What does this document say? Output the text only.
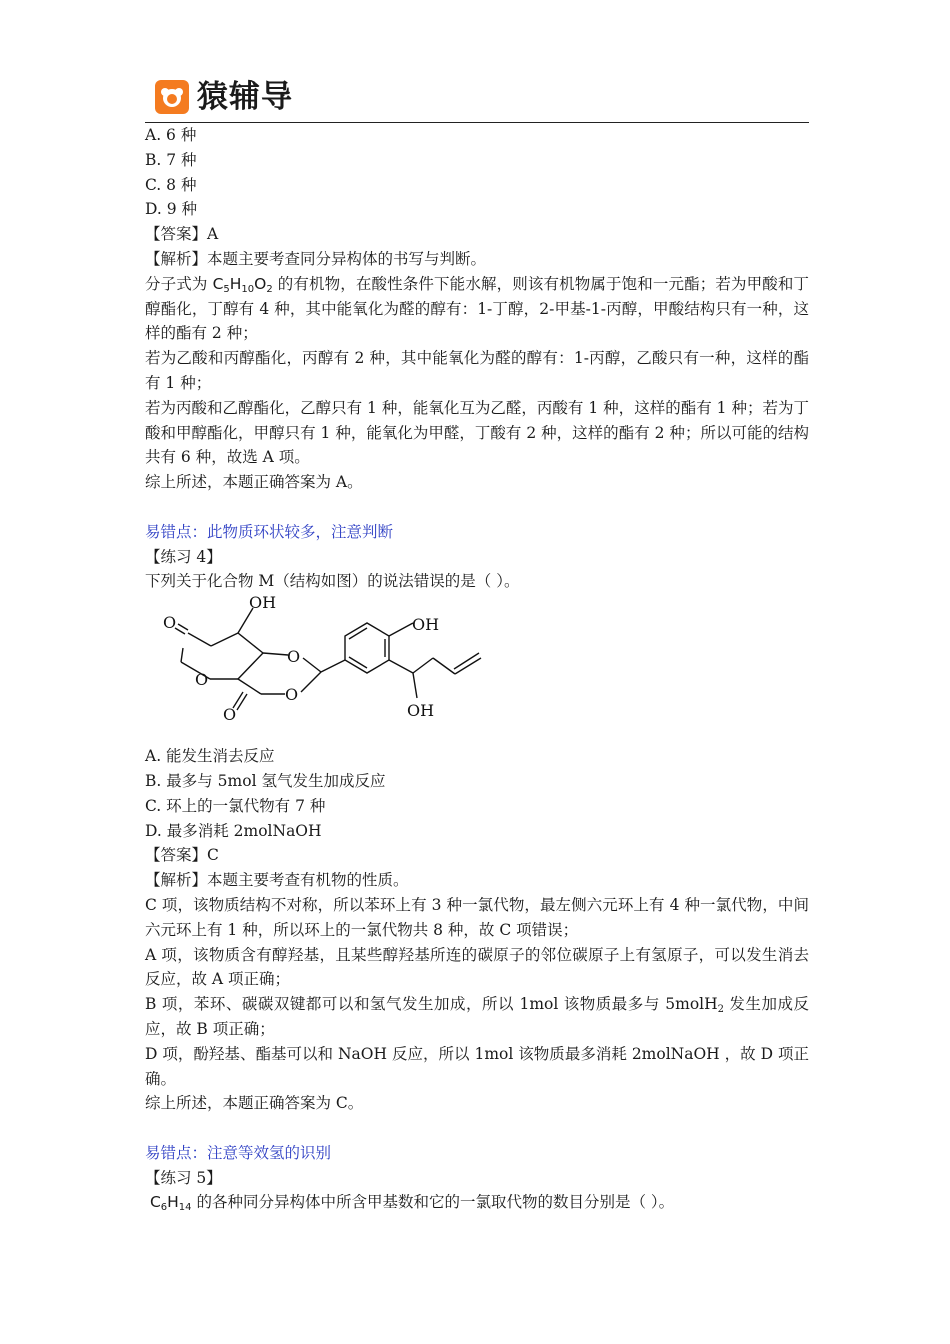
猿辅导
A. 6 种
B. 7 种
C. 8 种
D. 9 种
【答案】A
【解析】本题主要考查同分异构体的书写与判断。
分子式为 $C_5H_{10}O_2$ 的有机物，在酸性条件下能水解，则该有机物属于饱和一元酯；若为甲酸和丁醇酯化，丁醇有 4 种，其中能氧化为醛的醇有：1-丁醇，2-甲基-1-丙醇，甲酸结构只有一种，这样的酯有 2 种；
若为乙酸和丙醇酯化，丙醇有 2 种，其中能氧化为醛的醇有：1-丙醇，乙酸只有一种，这样的酯有 1 种；
若为丙酸和乙醇酯化，乙醇只有 1 种，能氧化互为乙醛，丙酸有 1 种，这样的酯有 1 种；若为丁酸和甲醇酯化，甲醇只有 1 种，能氧化为甲醛，丁酸有 2 种，这样的酯有 2 种；所以可能的结构共有 6 种，故选 A 项。
综上所述，本题正确答案为 A。
易错点：此物质环状较多，注意判断
【练习 4】
下列关于化合物 M（结构如图）的说法错误的是（ ）。
OH
O
O
O
O
O
OH
OH
A. 能发生消去反应
B. 最多与 5mol 氢气发生加成反应
C. 环上的一氯代物有 7 种
D. 最多消耗 2molNaOH
【答案】C
【解析】本题主要考查有机物的性质。
C 项，该物质结构不对称，所以苯环上有 3 种一氯代物，最左侧六元环上有 4 种一氯代物，中间六元环上有 1 种，所以环上的一氯代物共 8 种，故 C 项错误；
A 项，该物质含有醇羟基，且某些醇羟基所连的碳原子的邻位碳原子上有氢原子，可以发生消去反应，故 A 项正确；
B 项，苯环、碳碳双键都可以和氢气发生加成，所以 1mol 该物质最多与 5molH$_2$ 发生加成反应，故 B 项正确；
D 项，酚羟基、酯基可以和 NaOH 反应，所以 1mol 该物质最多消耗 2molNaOH ，故 D 项正确。
综上所述，本题正确答案为 C。
易错点：注意等效氢的识别
【练习 5】
$C_6H_{14}$ 的各种同分异构体中所含甲基数和它的一氯取代物的数目分别是（ ）。
